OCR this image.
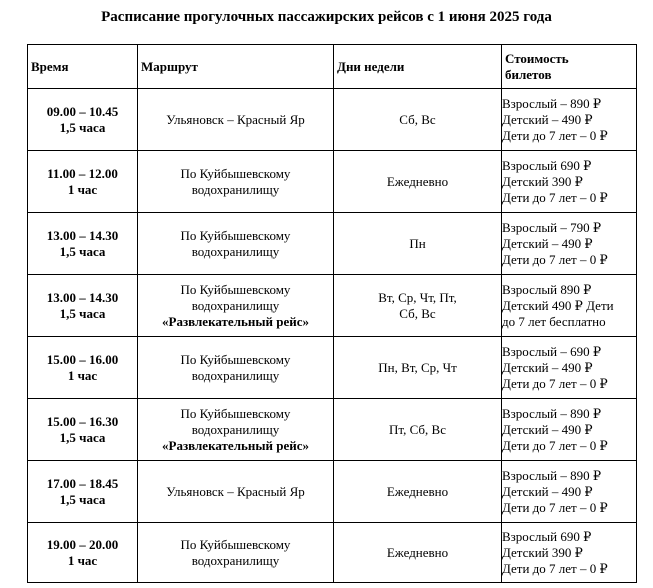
Расписание прогулочных пассажирских рейсов с 1 июня 2025 года
Время	Маршрут	Дни недели	Стоимость
билетов

09.00 – 10.45
1,5 часа	Ульяновск – Красный Яр	Сб, Вс	Взрослый – 890 ₽
Детский – 490 ₽
Дети до 7 лет – 0 ₽

11.00 – 12.00
1 час	По Куйбышевскому
водохранилищу	Ежедневно	Взрослый 690 ₽
Детский 390 ₽
Дети до 7 лет – 0 ₽

13.00 – 14.30
1,5 часа	По Куйбышевскому
водохранилищу	Пн	Взрослый – 790 ₽
Детский – 490 ₽
Дети до 7 лет – 0 ₽

13.00 – 14.30
1,5 часа	По Куйбышевскому
водохранилищу
«Развлекательный рейс»	Вт, Ср, Чт, Пт,
Сб, Вс	Взрослый 890 ₽
Детский 490 ₽ Дети
до 7 лет бесплатно

15.00 – 16.00
1 час	По Куйбышевскому
водохранилищу	Пн, Вт, Ср, Чт	Взрослый – 690 ₽
Детский – 490 ₽
Дети до 7 лет – 0 ₽

15.00 – 16.30
1,5 часа	По Куйбышевскому
водохранилищу
«Развлекательный рейс»	Пт, Сб, Вс	Взрослый – 890 ₽
Детский – 490 ₽
Дети до 7 лет – 0 ₽

17.00 – 18.45
1,5 часа	Ульяновск – Красный Яр	Ежедневно	Взрослый – 890 ₽
Детский – 490 ₽
Дети до 7 лет – 0 ₽

19.00 – 20.00
1 час	По Куйбышевскому
водохранилищу	Ежедневно	Взрослый 690 ₽
Детский 390 ₽
Дети до 7 лет – 0 ₽
